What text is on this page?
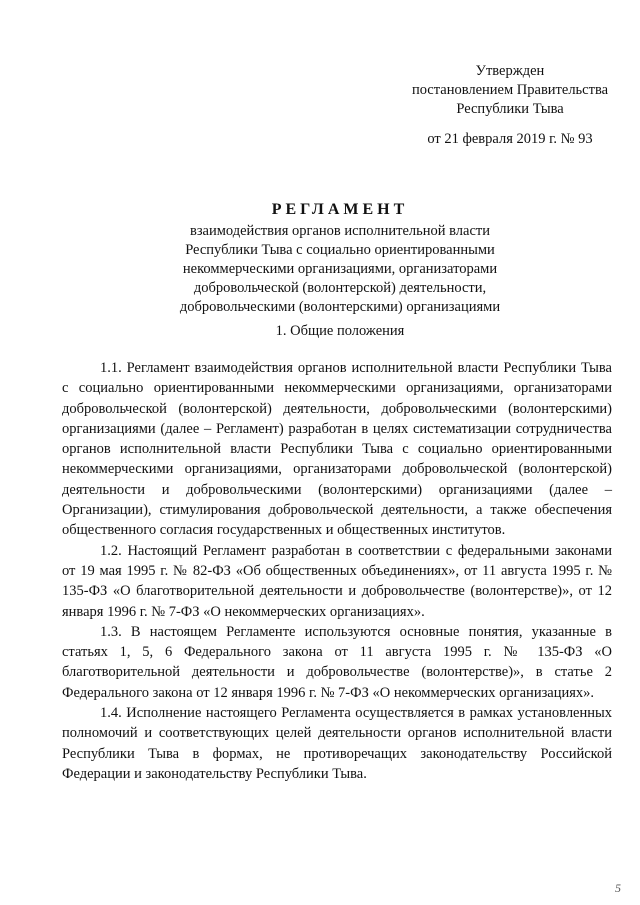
Утвержден
постановлением Правительства
Республики Тыва
от 21 февраля 2019 г. № 93
РЕГЛАМЕНТ
взаимодействия органов исполнительной власти
Республики Тыва с социально ориентированными
некоммерческими организациями, организаторами
добровольческой (волонтерской) деятельности,
добровольческими (волонтерскими) организациями
1. Общие положения

1.1. Регламент взаимодействия органов исполнительной власти Республики Тыва с социально ориентированными некоммерческими организациями, организаторами добровольческой (волонтерской) деятельности, добровольческими (волонтерскими) организациями (далее – Регламент) разработан в целях систематизации сотрудничества органов исполнительной власти Республики Тыва с социально ориентированными некоммерческими организациями, организаторами добровольческой (волонтерской) деятельности и добровольческими (волонтерскими) организациями (далее – Организации), стимулирования добровольческой деятельности, а также обеспечения общественного согласия государственных и общественных институтов.

1.2. Настоящий Регламент разработан в соответствии с федеральными законами от 19 мая 1995 г. № 82-ФЗ «Об общественных объединениях», от 11 августа 1995 г. № 135-ФЗ «О благотворительной деятельности и добровольчестве (волонтерстве)», от 12 января 1996 г. № 7-ФЗ «О некоммерческих организациях».

1.3. В настоящем Регламенте используются основные понятия, указанные в статьях 1, 5, 6 Федерального закона от 11 августа 1995 г. № 135-ФЗ «О благотворительной деятельности и добровольчестве (волонтерстве)», в статье 2 Федерального закона от 12 января 1996 г. № 7-ФЗ «О некоммерческих организациях».

1.4. Исполнение настоящего Регламента осуществляется в рамках установленных полномочий и соответствующих целей деятельности органов исполнительной власти Республики Тыва в формах, не противоречащих законодательству Российской Федерации и законодательству Республики Тыва.

5
